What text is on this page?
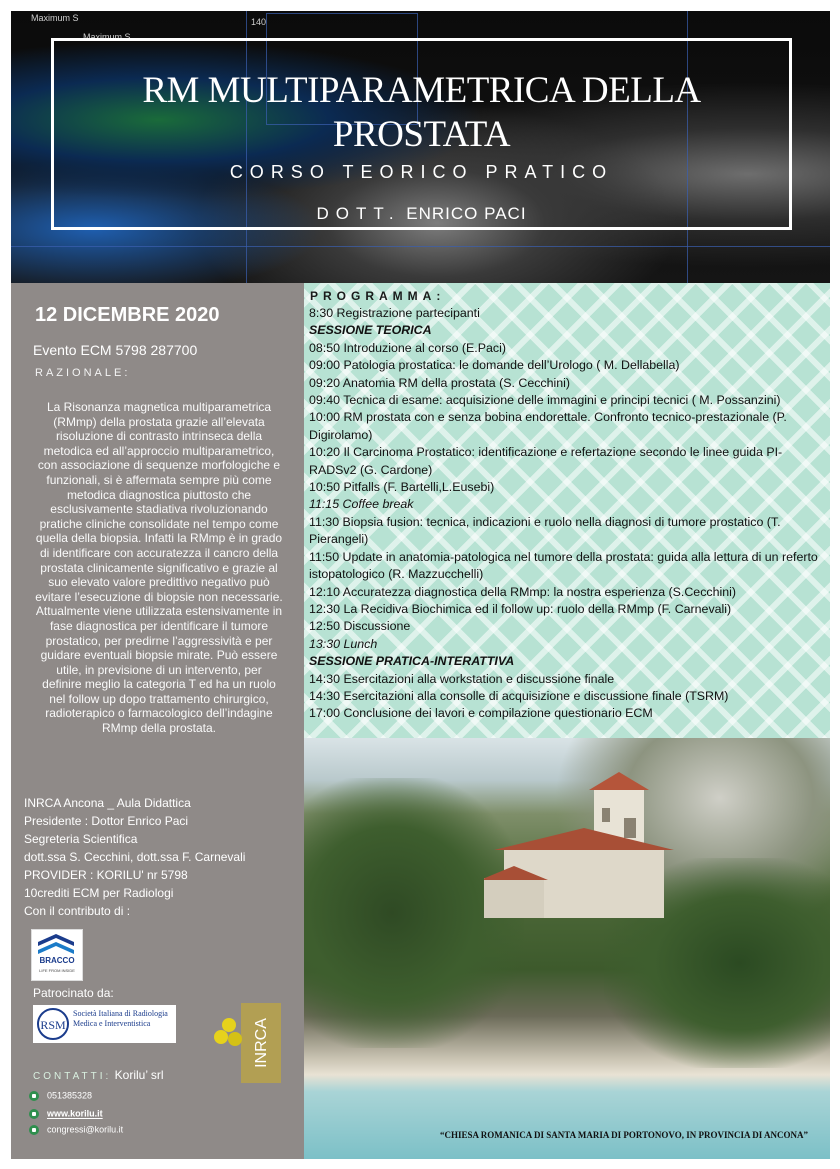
Maximum S	140
Maximum S
RM MULTIPARAMETRICA DELLA
PROSTATA
CORSO TEORICO PRATICO
DOTT. ENRICO PACI
12 DICEMBRE 2020
Evento ECM 5798 287700
RAZIONALE:
La Risonanza magnetica multiparametrica (RMmp) della prostata grazie all’elevata risoluzione di contrasto intrinseca della metodica ed all’approccio multiparametrico, con associazione di sequenze morfologiche e funzionali, si è affermata sempre più come metodica diagnostica piuttosto che esclusivamente stadiativa rivoluzionando pratiche cliniche consolidate nel tempo come quella della biopsia. Infatti la RMmp è in grado di identificare con accuratezza il cancro della prostata clinicamente significativo e grazie al suo elevato valore predittivo negativo può evitare l’esecuzione di biopsie non necessarie. Attualmente viene utilizzata estensivamente in fase diagnostica per identificare il tumore prostatico, per predirne l’aggressività e per guidare eventuali biopsie mirate. Può essere utile, in previsione di un intervento, per definire meglio la categoria T ed ha un ruolo nel follow up dopo trattamento chirurgico, radioterapico o farmacologico dell’indagine RMmp della prostata.
INRCA Ancona _ Aula Didattica
Presidente : Dottor Enrico Paci
Segreteria Scientifica
dott.ssa S. Cecchini, dott.ssa F. Carnevali
PROVIDER : KORILU' nr 5798
10crediti ECM per Radiologi
Con il contributo di :
BRACCO
LIFE FROM INSIDE
Patrocinato da:
RSM
Società Italiana di Radiologia Medica e Interventistica	INRCA
CONTATTI: Korilu’ srl
051385328
www.korilu.it
congressi@korilu.it
PROGRAMMA:

8:30 Registrazione partecipanti

SESSIONE TEORICA

08:50 Introduzione al corso (E.Paci)

09:00 Patologia prostatica: le domande dell’Urologo ( M. Dellabella)

09:20 Anatomia RM della prostata (S. Cecchini)

09:40 Tecnica di esame: acquisizione delle immagini e principi tecnici ( M. Possanzini)

10:00 RM prostata con e senza bobina endorettale. Confronto tecnico-prestazionale (P. Digirolamo)

10:20 Il Carcinoma Prostatico: identificazione e refertazione secondo le linee guida PI-RADSv2 (G. Cardone)

10:50 Pitfalls (F. Bartelli,L.Eusebi)

11:15 Coffee break

11:30 Biopsia fusion: tecnica, indicazioni e ruolo nella diagnosi di tumore prostatico (T. Pierangeli)

11:50 Update in anatomia-patologica nel tumore della prostata: guida alla lettura di un referto istopatologico (R. Mazzucchelli)

12:10 Accuratezza diagnostica della RMmp: la nostra esperienza (S.Cecchini)

12:30 La Recidiva Biochimica ed il follow up: ruolo della RMmp (F. Carnevali)

12:50 Discussione

13:30 Lunch

SESSIONE PRATICA-INTERATTIVA

14:30 Esercitazioni alla workstation e discussione finale

14:30 Esercitazioni alla consolle di acquisizione e discussione finale (TSRM)

17:00 Conclusione dei lavori e compilazione questionario ECM

“CHIESA ROMANICA DI SANTA MARIA DI PORTONOVO, IN PROVINCIA DI ANCONA”
